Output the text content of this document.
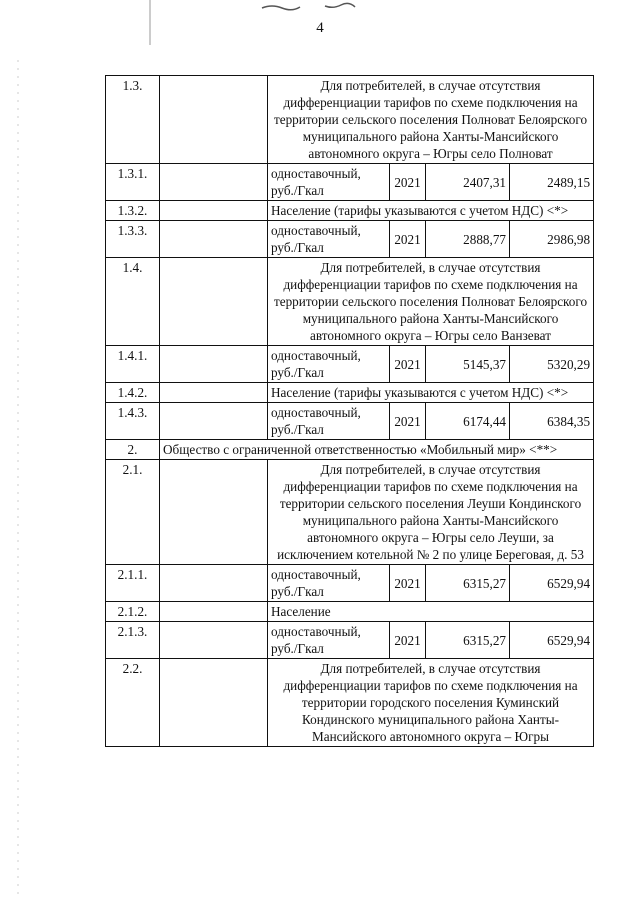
4
1.3.		Для потребителей, в случае отсутствия дифференциации тарифов по схеме подключения на территории сельского поселения Полноват Белоярского муниципального района Ханты-Мансийского автономного округа – Югры село Полноват			
1.3.1.		одноставочный, руб./Гкал	2021	2407,31	2489,15
1.3.2.		Население (тарифы указываются с учетом НДС) <*>			
1.3.3.		одноставочный, руб./Гкал	2021	2888,77	2986,98
1.4.		Для потребителей, в случае отсутствия дифференциации тарифов по схеме подключения на территории сельского поселения Полноват Белоярского муниципального района Ханты-Мансийского автономного округа – Югры село Ванзеват			
1.4.1.		одноставочный, руб./Гкал	2021	5145,37	5320,29
1.4.2.		Население (тарифы указываются с учетом НДС) <*>			
1.4.3.		одноставочный, руб./Гкал	2021	6174,44	6384,35
2.	Общество с ограниченной ответственностью «Мобильный мир» <**>				
2.1.		Для потребителей, в случае отсутствия дифференциации тарифов по схеме подключения на территории сельского поселения Леуши Кондинского муниципального района Ханты-Мансийского автономного округа – Югры село Леуши, за исключением котельной № 2 по улице Береговая, д. 53			
2.1.1.		одноставочный, руб./Гкал	2021	6315,27	6529,94
2.1.2.		Население			
2.1.3.		одноставочный, руб./Гкал	2021	6315,27	6529,94
2.2.		Для потребителей, в случае отсутствия дифференциации тарифов по схеме подключения на территории городского поселения Куминский Кондинского муниципального района Ханты-Мансийского автономного округа – Югры			
